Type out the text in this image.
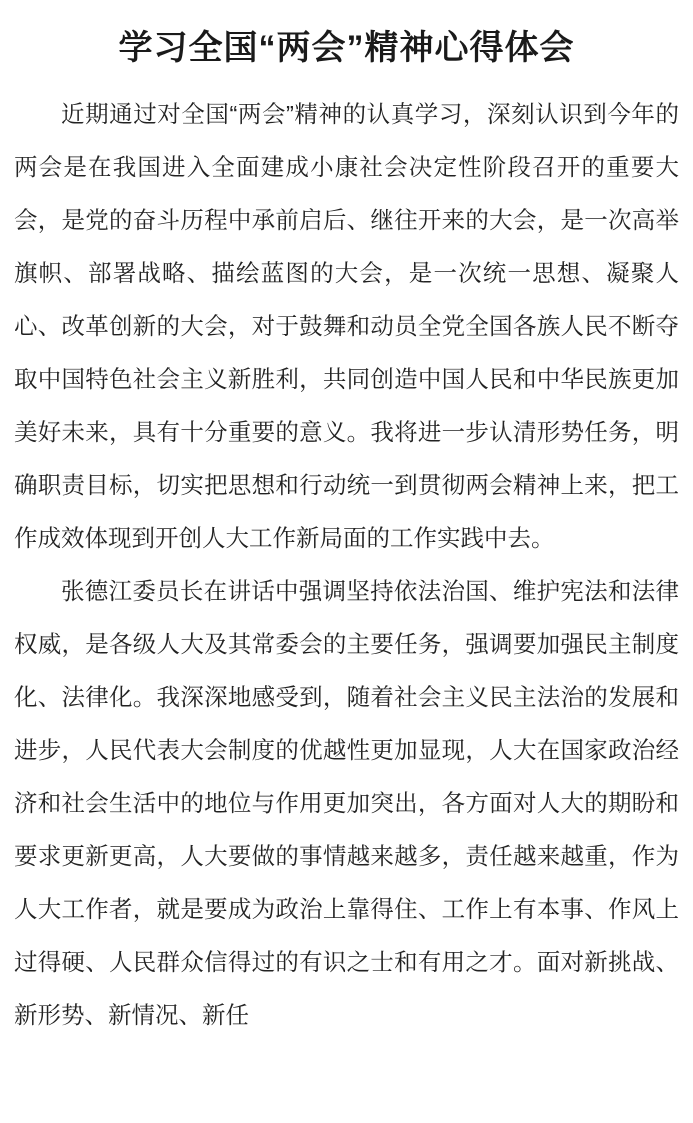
学习全国“两会”精神心得体会

近期通过对全国“两会”精神的认真学习，深刻认识到今年的两会是在我国进入全面建成小康社会决定性阶段召开的重要大会，是党的奋斗历程中承前启后、继往开来的大会，是一次高举旗帜、部署战略、描绘蓝图的大会，是一次统一思想、凝聚人心、改革创新的大会，对于鼓舞和动员全党全国各族人民不断夺取中国特色社会主义新胜利，共同创造中国人民和中华民族更加美好未来，具有十分重要的意义。我将进一步认清形势任务，明确职责目标，切实把思想和行动统一到贯彻两会精神上来，把工作成效体现到开创人大工作新局面的工作实践中去。

张德江委员长在讲话中强调坚持依法治国、维护宪法和法律权威，是各级人大及其常委会的主要任务，强调要加强民主制度化、法律化。我深深地感受到，随着社会主义民主法治的发展和进步，人民代表大会制度的优越性更加显现，人大在国家政治经济和社会生活中的地位与作用更加突出，各方面对人大的期盼和要求更新更高，人大要做的事情越来越多，责任越来越重，作为人大工作者，就是要成为政治上靠得住、工作上有本事、作风上过得硬、人民群众信得过的有识之士和有用之才。面对新挑战、新形势、新情况、新任
